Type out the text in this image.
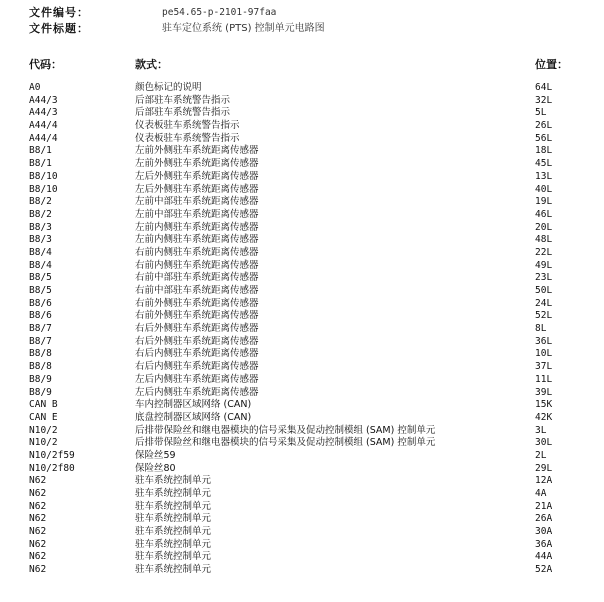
文件编号：	pe54.65-p-2101-97faa
文件标题：	驻车定位系统 (PTS) 控制单元电路图
代码：	款式：	位置：
A0	颜色标记的说明	64L
A44/3	后部驻车系统警告指示	32L
A44/3	后部驻车系统警告指示	5L
A44/4	仪表板驻车系统警告指示	26L
A44/4	仪表板驻车系统警告指示	56L
B8/1	左前外侧驻车系统距离传感器	18L
B8/1	左前外侧驻车系统距离传感器	45L
B8/10	左后外侧驻车系统距离传感器	13L
B8/10	左后外侧驻车系统距离传感器	40L
B8/2	左前中部驻车系统距离传感器	19L
B8/2	左前中部驻车系统距离传感器	46L
B8/3	左前内侧驻车系统距离传感器	20L
B8/3	左前内侧驻车系统距离传感器	48L
B8/4	右前内侧驻车系统距离传感器	22L
B8/4	右前内侧驻车系统距离传感器	49L
B8/5	右前中部驻车系统距离传感器	23L
B8/5	右前中部驻车系统距离传感器	50L
B8/6	右前外侧驻车系统距离传感器	24L
B8/6	右前外侧驻车系统距离传感器	52L
B8/7	右后外侧驻车系统距离传感器	8L
B8/7	右后外侧驻车系统距离传感器	36L
B8/8	右后内侧驻车系统距离传感器	10L
B8/8	右后内侧驻车系统距离传感器	37L
B8/9	左后内侧驻车系统距离传感器	11L
B8/9	左后内侧驻车系统距离传感器	39L
CAN B	车内控制器区域网络 (CAN)	15K
CAN E	底盘控制器区域网络 (CAN)	42K
N10/2	后排带保险丝和继电器模块的信号采集及促动控制模组 (SAM) 控制单元	3L
N10/2	后排带保险丝和继电器模块的信号采集及促动控制模组 (SAM) 控制单元	30L
N10/2f59	保险丝59	2L
N10/2f80	保险丝80	29L
N62	驻车系统控制单元	12A
N62	驻车系统控制单元	4A
N62	驻车系统控制单元	21A
N62	驻车系统控制单元	26A
N62	驻车系统控制单元	30A
N62	驻车系统控制单元	36A
N62	驻车系统控制单元	44A
N62	驻车系统控制单元	52A
